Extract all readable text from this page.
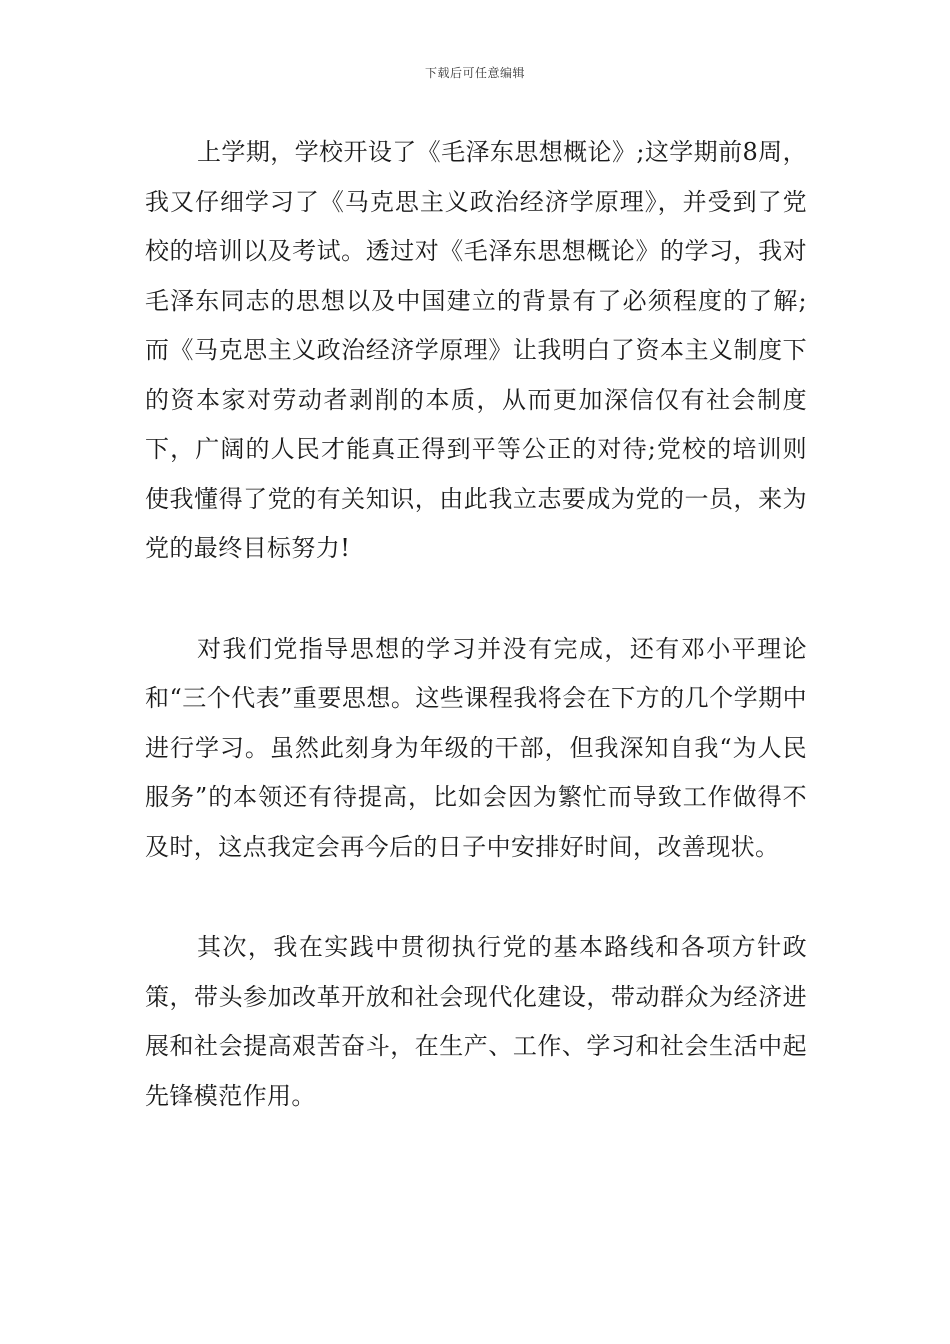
下载后可任意编辑

上学期，学校开设了《毛泽东思想概论》;这学期前8周，我又仔细学习了《马克思主义政治经济学原理》，并受到了党校的培训以及考试。透过对《毛泽东思想概论》的学习，我对毛泽东同志的思想以及中国建立的背景有了必须程度的了解;而《马克思主义政治经济学原理》让我明白了资本主义制度下的资本家对劳动者剥削的本质，从而更加深信仅有社会制度下，广阔的人民才能真正得到平等公正的对待;党校的培训则使我懂得了党的有关知识，由此我立志要成为党的一员，来为党的最终目标努力!

对我们党指导思想的学习并没有完成，还有邓小平理论和“三个代表”重要思想。这些课程我将会在下方的几个学期中进行学习。虽然此刻身为年级的干部，但我深知自我“为人民服务”的本领还有待提高，比如会因为繁忙而导致工作做得不及时，这点我定会再今后的日子中安排好时间，改善现状。

其次，我在实践中贯彻执行党的基本路线和各项方针政策，带头参加改革开放和社会现代化建设，带动群众为经济进展和社会提高艰苦奋斗，在生产、工作、学习和社会生活中起先锋模范作用。
